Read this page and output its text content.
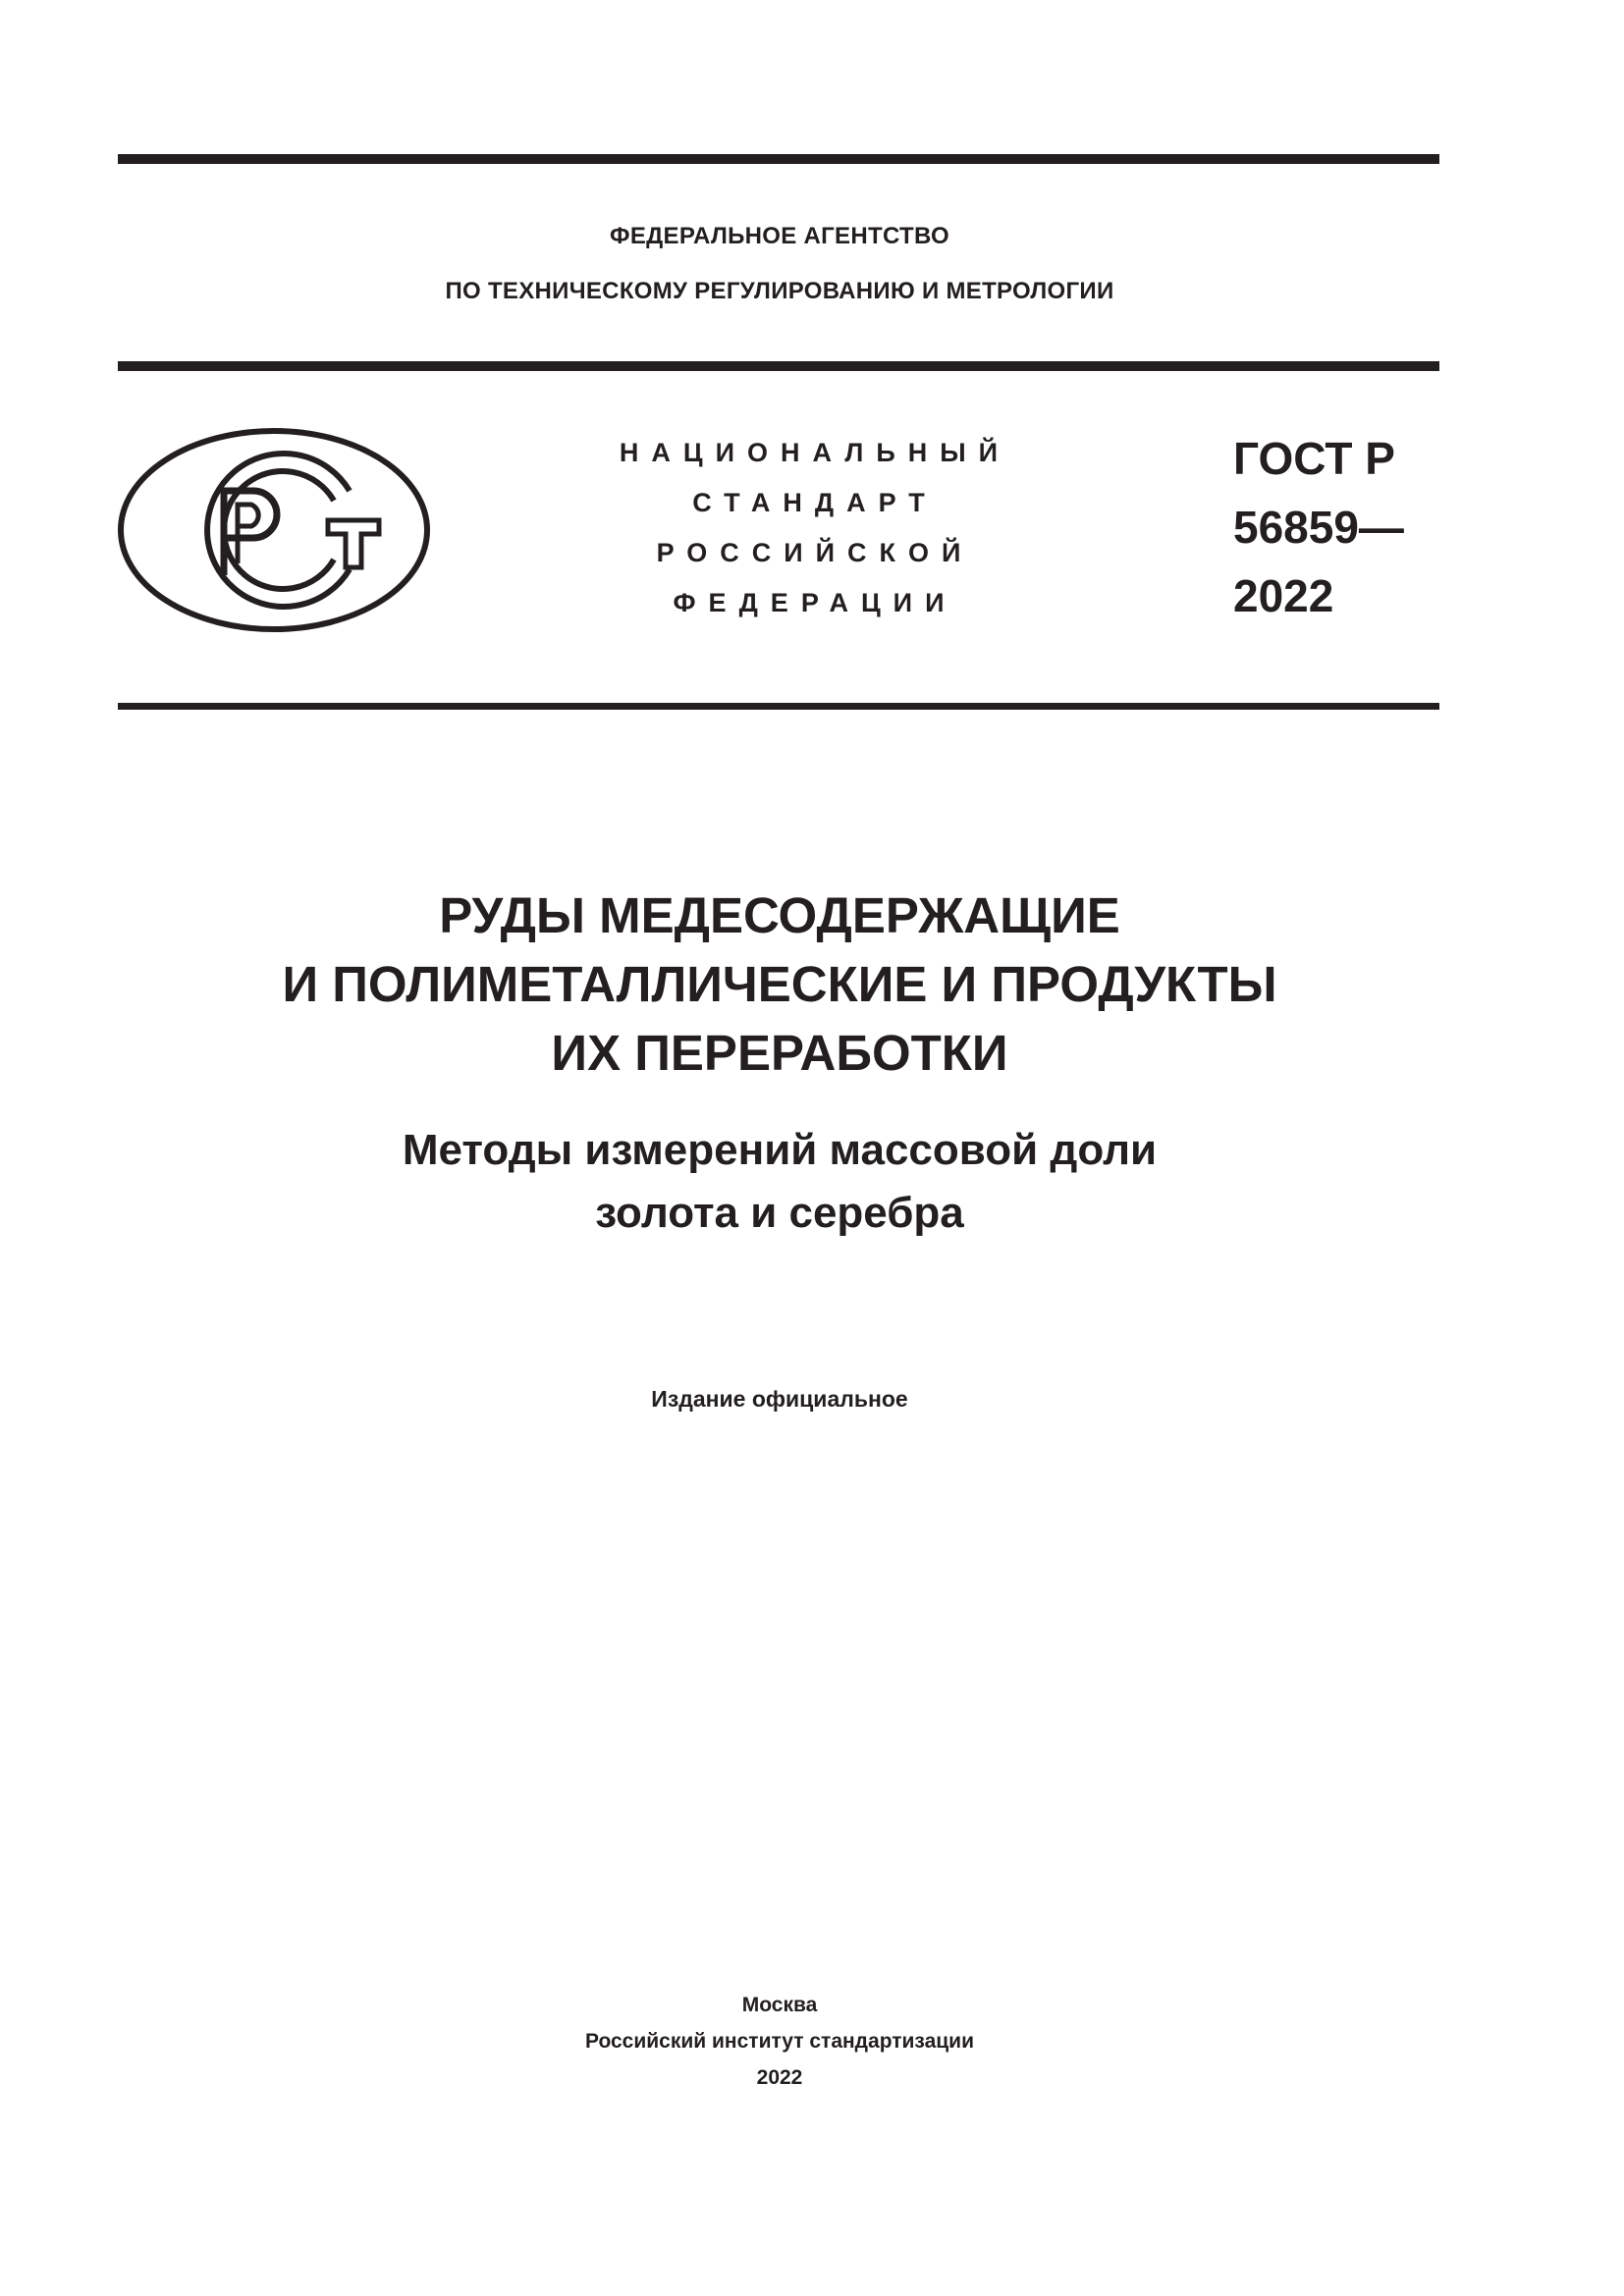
ФЕДЕРАЛЬНОЕ АГЕНТСТВО
ПО ТЕХНИЧЕСКОМУ РЕГУЛИРОВАНИЮ И МЕТРОЛОГИИ
НАЦИОНАЛЬНЫЙ
СТАНДАРТ
РОССИЙСКОЙ
ФЕДЕРАЦИИ
ГОСТ Р
56859—
2022
РУДЫ МЕДЕСОДЕРЖАЩИЕ
И ПОЛИМЕТАЛЛИЧЕСКИЕ И ПРОДУКТЫ
ИХ ПЕРЕРАБОТКИ
Методы измерений массовой доли
золота и серебра
Издание официальное
Москва
Российский институт стандартизации
2022
